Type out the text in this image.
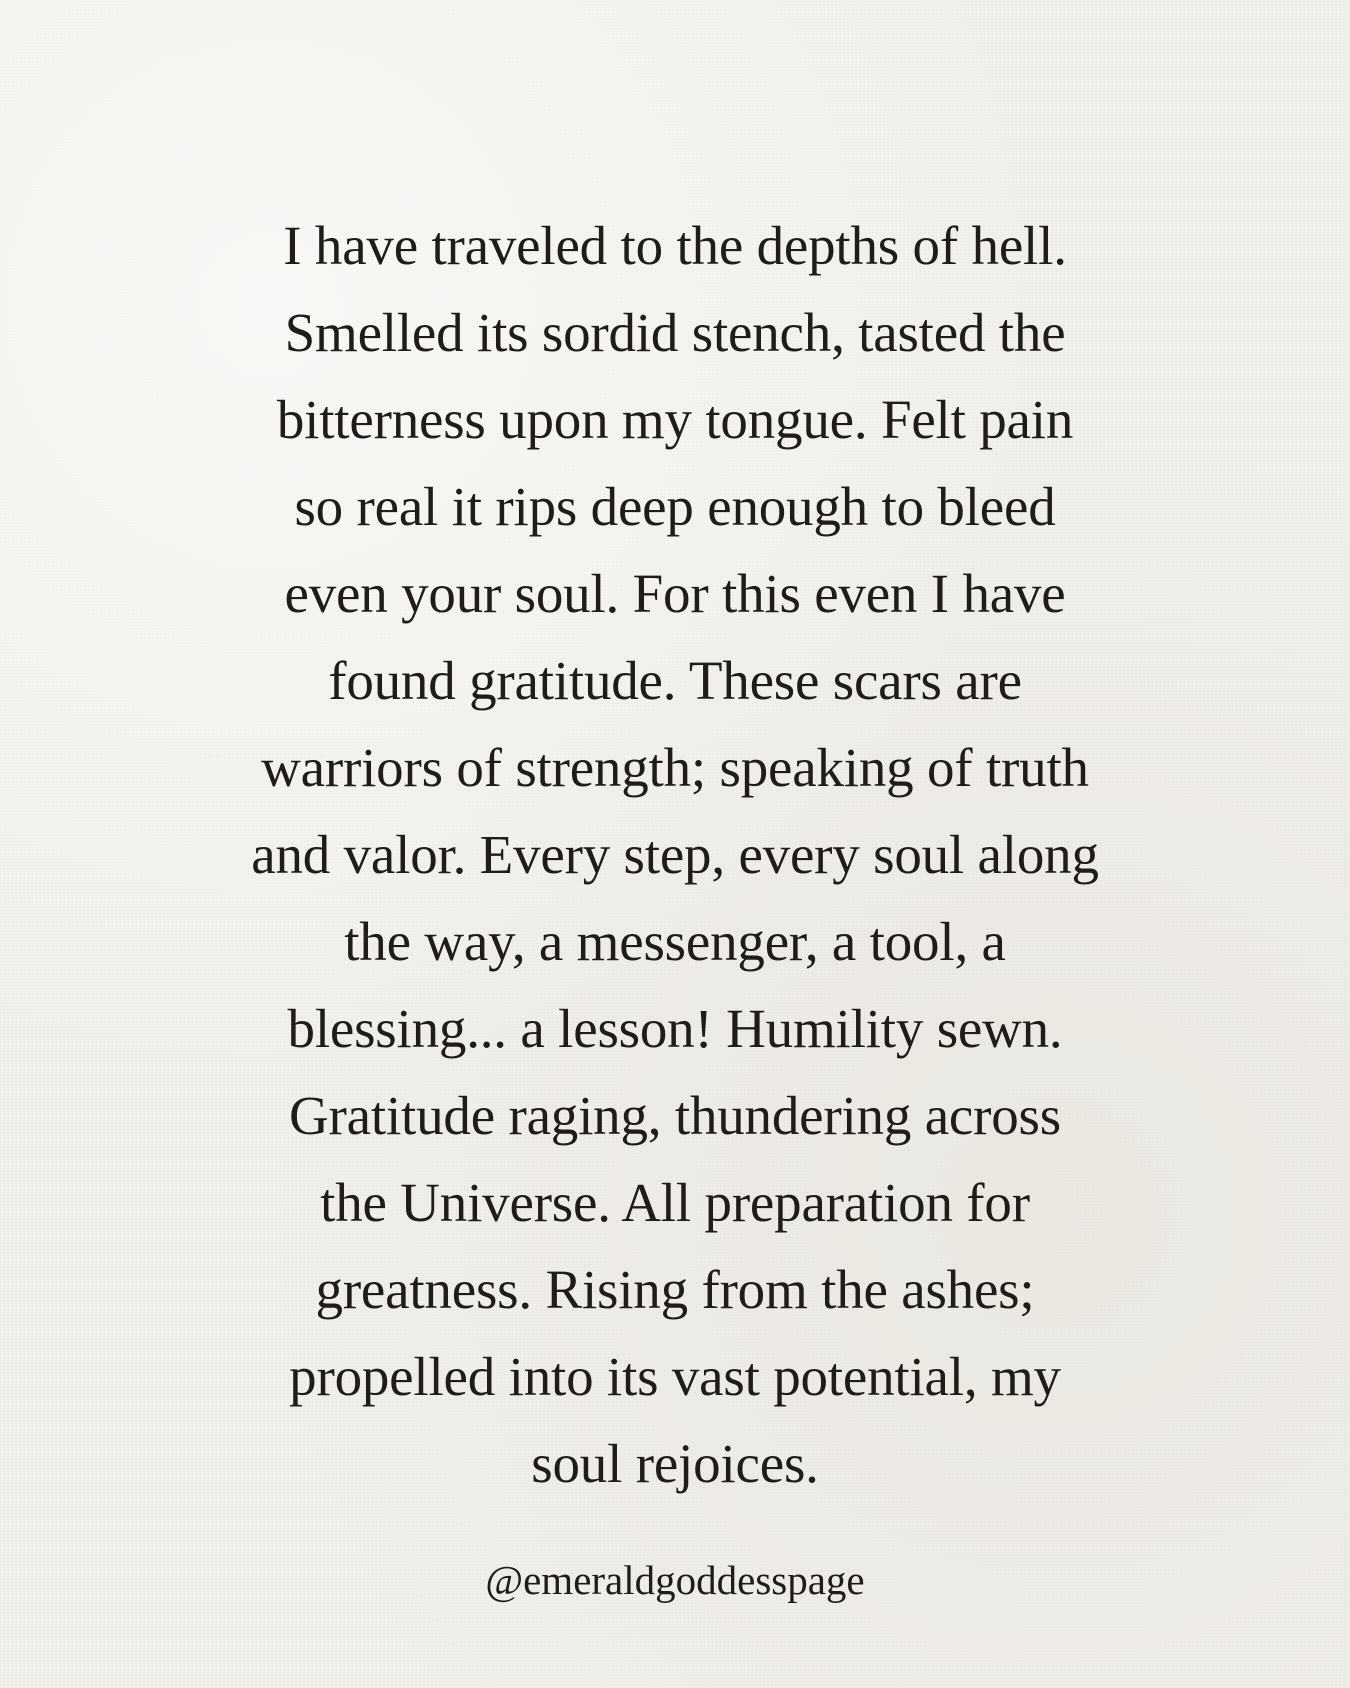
I have traveled to the depths of hell.
Smelled its sordid stench, tasted the
bitterness upon my tongue. Felt pain
so real it rips deep enough to bleed
even your soul. For this even I have
found gratitude. These scars are
warriors of strength; speaking of truth
and valor. Every step, every soul along
the way, a messenger, a tool, a
blessing... a lesson! Humility sewn.
Gratitude raging, thundering across
the Universe. All preparation for
greatness. Rising from the ashes;
propelled into its vast potential, my
soul rejoices.
@emeraldgoddesspage
